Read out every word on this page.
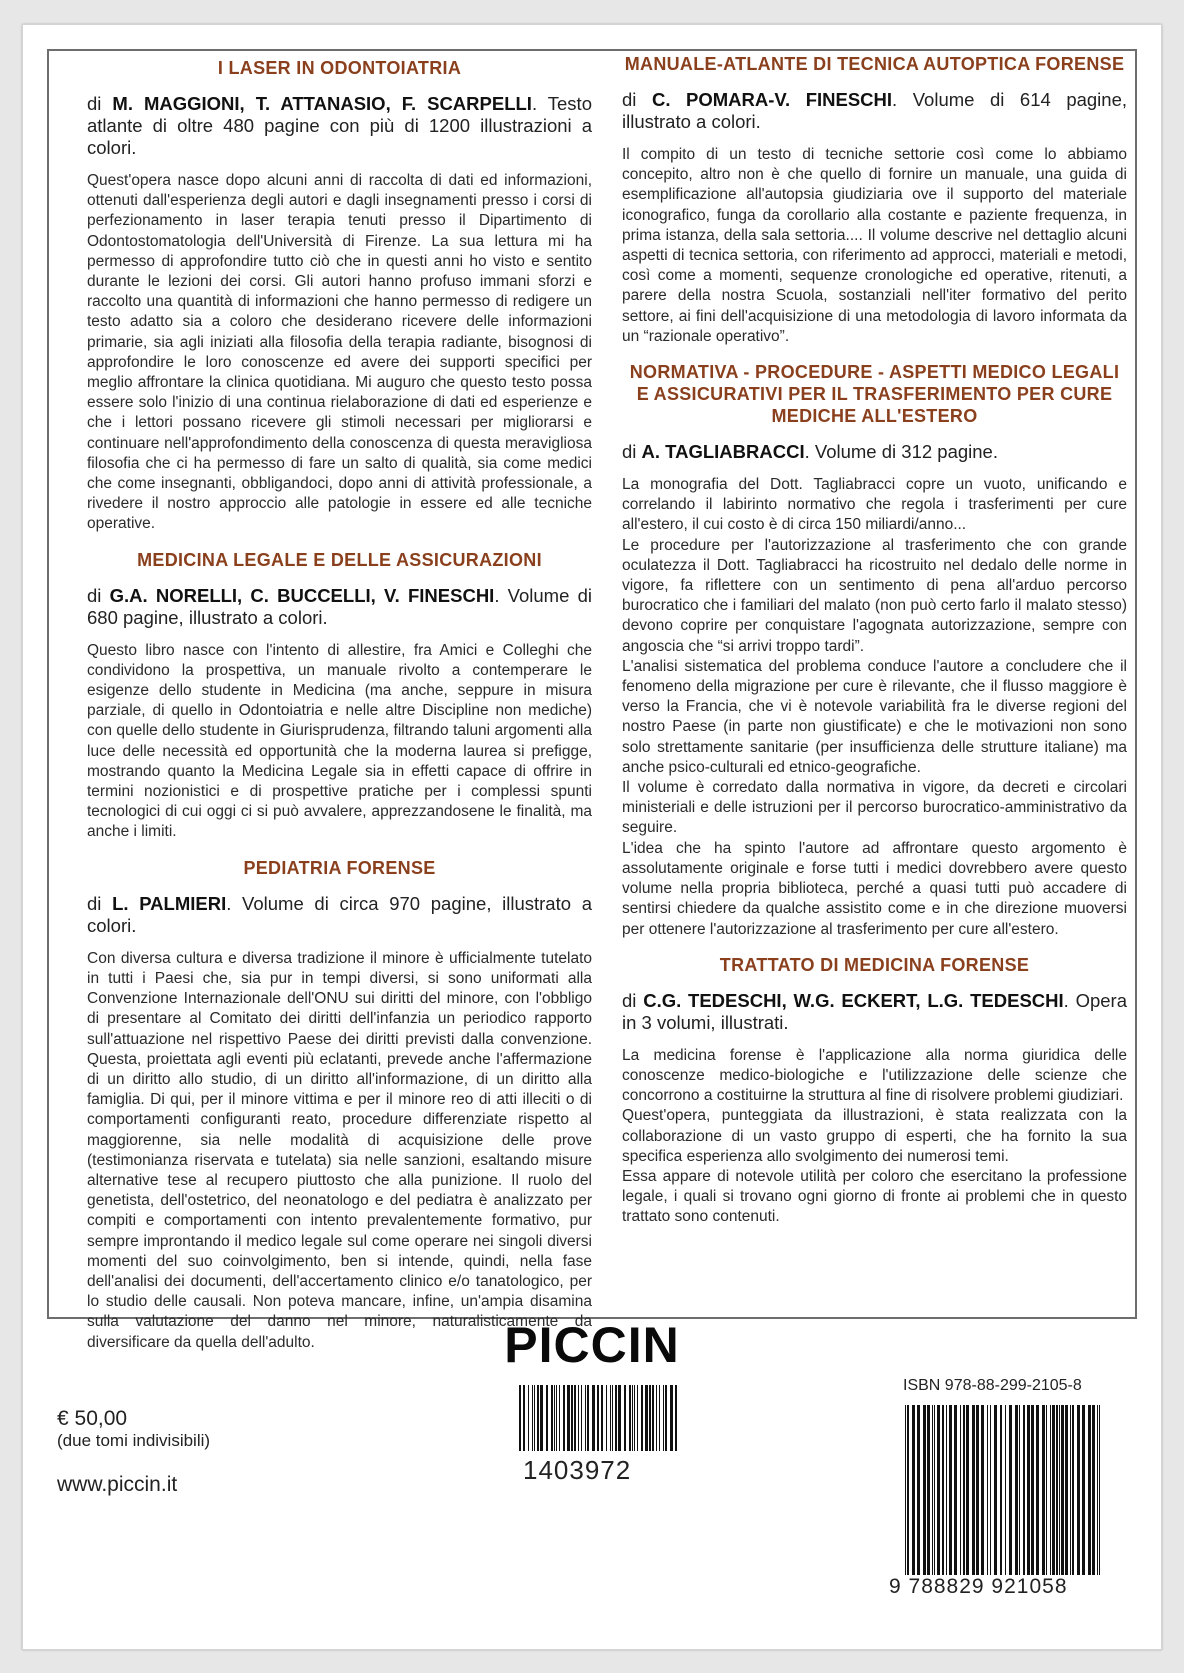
I LASER IN ODONTOIATRIA

di M. MAGGIONI, T. ATTANASIO, F. SCARPELLI. Testo atlante di oltre 480 pagine con più di 1200 illustrazioni a colori.

Quest'opera nasce dopo alcuni anni di raccolta di dati ed informazioni, ottenuti dall'esperienza degli autori e dagli insegnamenti presso i corsi di perfezionamento in laser terapia tenuti presso il Dipartimento di Odontostomatologia dell'Università di Firenze. La sua lettura mi ha permesso di approfondire tutto ciò che in questi anni ho visto e sentito durante le lezioni dei corsi. Gli autori hanno profuso immani sforzi e raccolto una quantità di informazioni che hanno permesso di redigere un testo adatto sia a coloro che desiderano ricevere delle informazioni primarie, sia agli iniziati alla filosofia della terapia radiante, bisognosi di approfondire le loro conoscenze ed avere dei supporti specifici per meglio affrontare la clinica quotidiana. Mi auguro che questo testo possa essere solo l'inizio di una continua rielaborazione di dati ed esperienze e che i lettori possano ricevere gli stimoli necessari per migliorarsi e continuare nell'approfondimento della conoscenza di questa meravigliosa filosofia che ci ha permesso di fare un salto di qualità, sia come medici che come insegnanti, obbligandoci, dopo anni di attività professionale, a rivedere il nostro approccio alle patologie in essere ed alle tecniche operative.

MEDICINA LEGALE E DELLE ASSICURAZIONI

di G.A. NORELLI, C. BUCCELLI, V. FINESCHI. Volume di 680 pagine, illustrato a colori.

Questo libro nasce con l'intento di allestire, fra Amici e Colleghi che condividono la prospettiva, un manuale rivolto a contemperare le esigenze dello studente in Medicina (ma anche, seppure in misura parziale, di quello in Odontoiatria e nelle altre Discipline non mediche) con quelle dello studente in Giurisprudenza, filtrando taluni argomenti alla luce delle necessità ed opportunità che la moderna laurea si prefigge, mostrando quanto la Medicina Legale sia in effetti capace di offrire in termini nozionistici e di prospettive pratiche per i complessi spunti tecnologici di cui oggi ci si può avvalere, apprezzandosene le finalità, ma anche i limiti.

PEDIATRIA FORENSE

di L. PALMIERI. Volume di circa 970 pagine, illustrato a colori.

Con diversa cultura e diversa tradizione il minore è ufficialmente tutelato in tutti i Paesi che, sia pur in tempi diversi, si sono uniformati alla Convenzione Internazionale dell'ONU sui diritti del minore, con l'obbligo di presentare al Comitato dei diritti dell'infanzia un periodico rapporto sull'attuazione nel rispettivo Paese dei diritti previsti dalla convenzione. Questa, proiettata agli eventi più eclatanti, prevede anche l'affermazione di un diritto allo studio, di un diritto all'informazione, di un diritto alla famiglia. Di qui, per il minore vittima e per il minore reo di atti illeciti o di comportamenti configuranti reato, procedure differenziate rispetto al maggiorenne, sia nelle modalità di acquisizione delle prove (testimonianza riservata e tutelata) sia nelle sanzioni, esaltando misure alternative tese al recupero piuttosto che alla punizione. Il ruolo del genetista, dell'ostetrico, del neonatologo e del pediatra è analizzato per compiti e comportamenti con intento prevalentemente formativo, pur sempre improntando il medico legale sul come operare nei singoli diversi momenti del suo coinvolgimento, ben si intende, quindi, nella fase dell'analisi dei documenti, dell'accertamento clinico e/o tanatologico, per lo studio delle causali. Non poteva mancare, infine, un'ampia disamina sulla valutazione del danno nel minore, naturalisticamente da diversificare da quella dell'adulto.

MANUALE-ATLANTE DI TECNICA AUTOPTICA FORENSE

di C. POMARA-V. FINESCHI. Volume di 614 pagine, illustrato a colori.

Il compito di un testo di tecniche settorie così come lo abbiamo concepito, altro non è che quello di fornire un manuale, una guida di esemplificazione all'autopsia giudiziaria ove il supporto del materiale iconografico, funga da corollario alla costante e paziente frequenza, in prima istanza, della sala settoria.... Il volume descrive nel dettaglio alcuni aspetti di tecnica settoria, con riferimento ad approcci, materiali e metodi, così come a momenti, sequenze cronologiche ed operative, ritenuti, a parere della nostra Scuola, sostanziali nell'iter formativo del perito settore, ai fini dell'acquisizione di una metodologia di lavoro informata da un “razionale operativo”.

NORMATIVA - PROCEDURE - ASPETTI MEDICO LEGALI E ASSICURATIVI PER IL TRASFERIMENTO PER CURE MEDICHE ALL'ESTERO

di A. TAGLIABRACCI. Volume di 312 pagine.

La monografia del Dott. Tagliabracci copre un vuoto, unificando e correlando il labirinto normativo che regola i trasferimenti per cure all'estero, il cui costo è di circa 150 miliardi/anno...
Le procedure per l'autorizzazione al trasferimento che con grande oculatezza il Dott. Tagliabracci ha ricostruito nel dedalo delle norme in vigore, fa riflettere con un sentimento di pena all'arduo percorso burocratico che i familiari del malato (non può certo farlo il malato stesso) devono coprire per conquistare l'agognata autorizzazione, sempre con angoscia che “si arrivi troppo tardi”.
L'analisi sistematica del problema conduce l'autore a concludere che il fenomeno della migrazione per cure è rilevante, che il flusso maggiore è verso la Francia, che vi è notevole variabilità fra le diverse regioni del nostro Paese (in parte non giustificate) e che le motivazioni non sono solo strettamente sanitarie (per insufficienza delle strutture italiane) ma anche psico-culturali ed etnico-geografiche.
Il volume è corredato dalla normativa in vigore, da decreti e circolari ministeriali e delle istruzioni per il percorso burocratico-amministrativo da seguire.
L'idea che ha spinto l'autore ad affrontare questo argomento è assolutamente originale e forse tutti i medici dovrebbero avere questo volume nella propria biblioteca, perché a quasi tutti può accadere di sentirsi chiedere da qualche assistito come e in che direzione muoversi per ottenere l'autorizzazione al trasferimento per cure all'estero.

TRATTATO DI MEDICINA FORENSE

di C.G. TEDESCHI, W.G. ECKERT, L.G. TEDESCHI. Opera in 3 volumi, illustrati.

La medicina forense è l'applicazione alla norma giuridica delle conoscenze medico-biologiche e l'utilizzazione delle scienze che concorrono a costituirne la struttura al fine di risolvere problemi giudiziari.
Quest'opera, punteggiata da illustrazioni, è stata realizzata con la collaborazione di un vasto gruppo di esperti, che ha fornito la sua specifica esperienza allo svolgimento dei numerosi temi.
Essa appare di notevole utilità per coloro che esercitano la professione legale, i quali si trovano ogni giorno di fronte ai problemi che in questo trattato sono contenuti.

PICCIN
€ 50,00
(due tomi indivisibili)
www.piccin.it	1403972
ISBN 978-88-299-2105-8
9 788829 921058
